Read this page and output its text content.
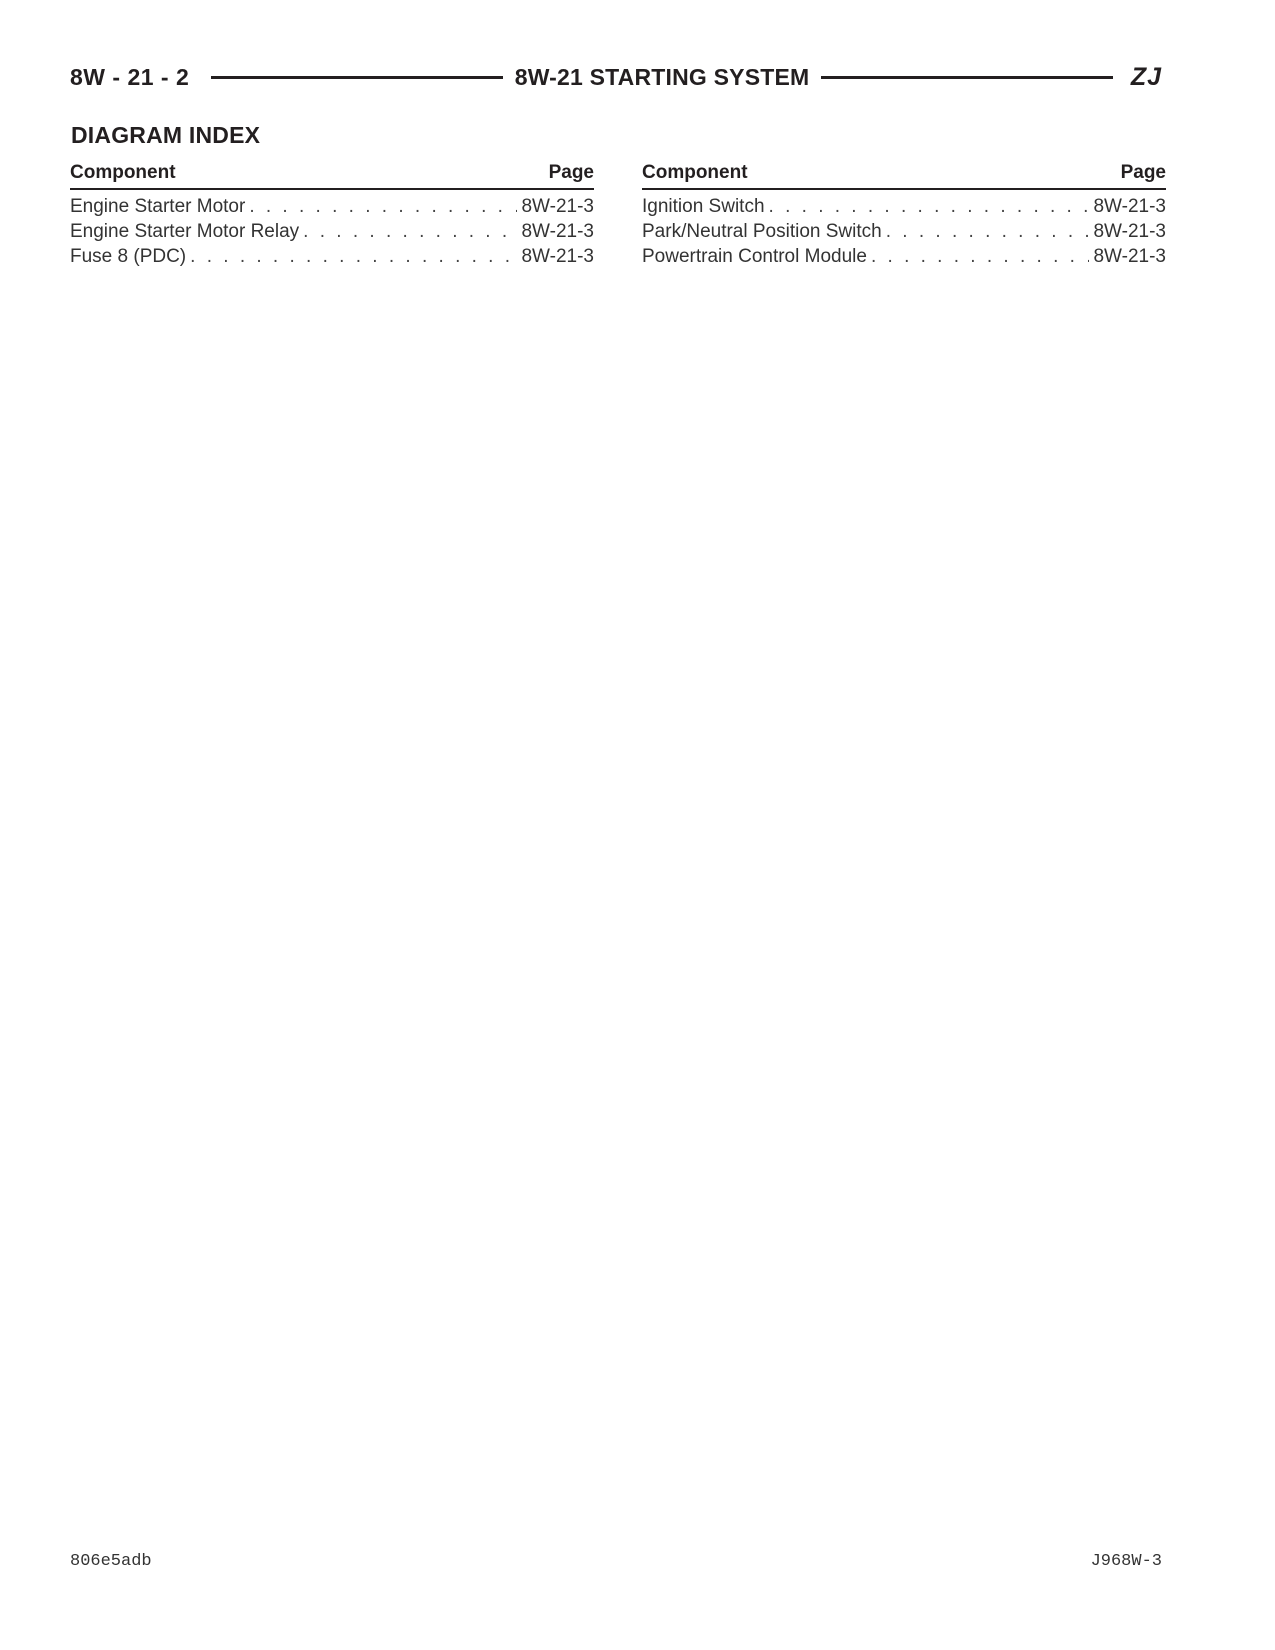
8W - 21 - 2	8W-21 STARTING SYSTEM	ZJ
DIAGRAM INDEX
Component	Page
Engine Starter Motor . . .	8W-21-3
Engine Starter Motor Relay . . .	8W-21-3
Fuse 8 (PDC) . . .	8W-21-3
Component	Page
Ignition Switch . . .	8W-21-3
Park/Neutral Position Switch . . .	8W-21-3
Powertrain Control Module . . .	8W-21-3
806e5adb	J968W-3
